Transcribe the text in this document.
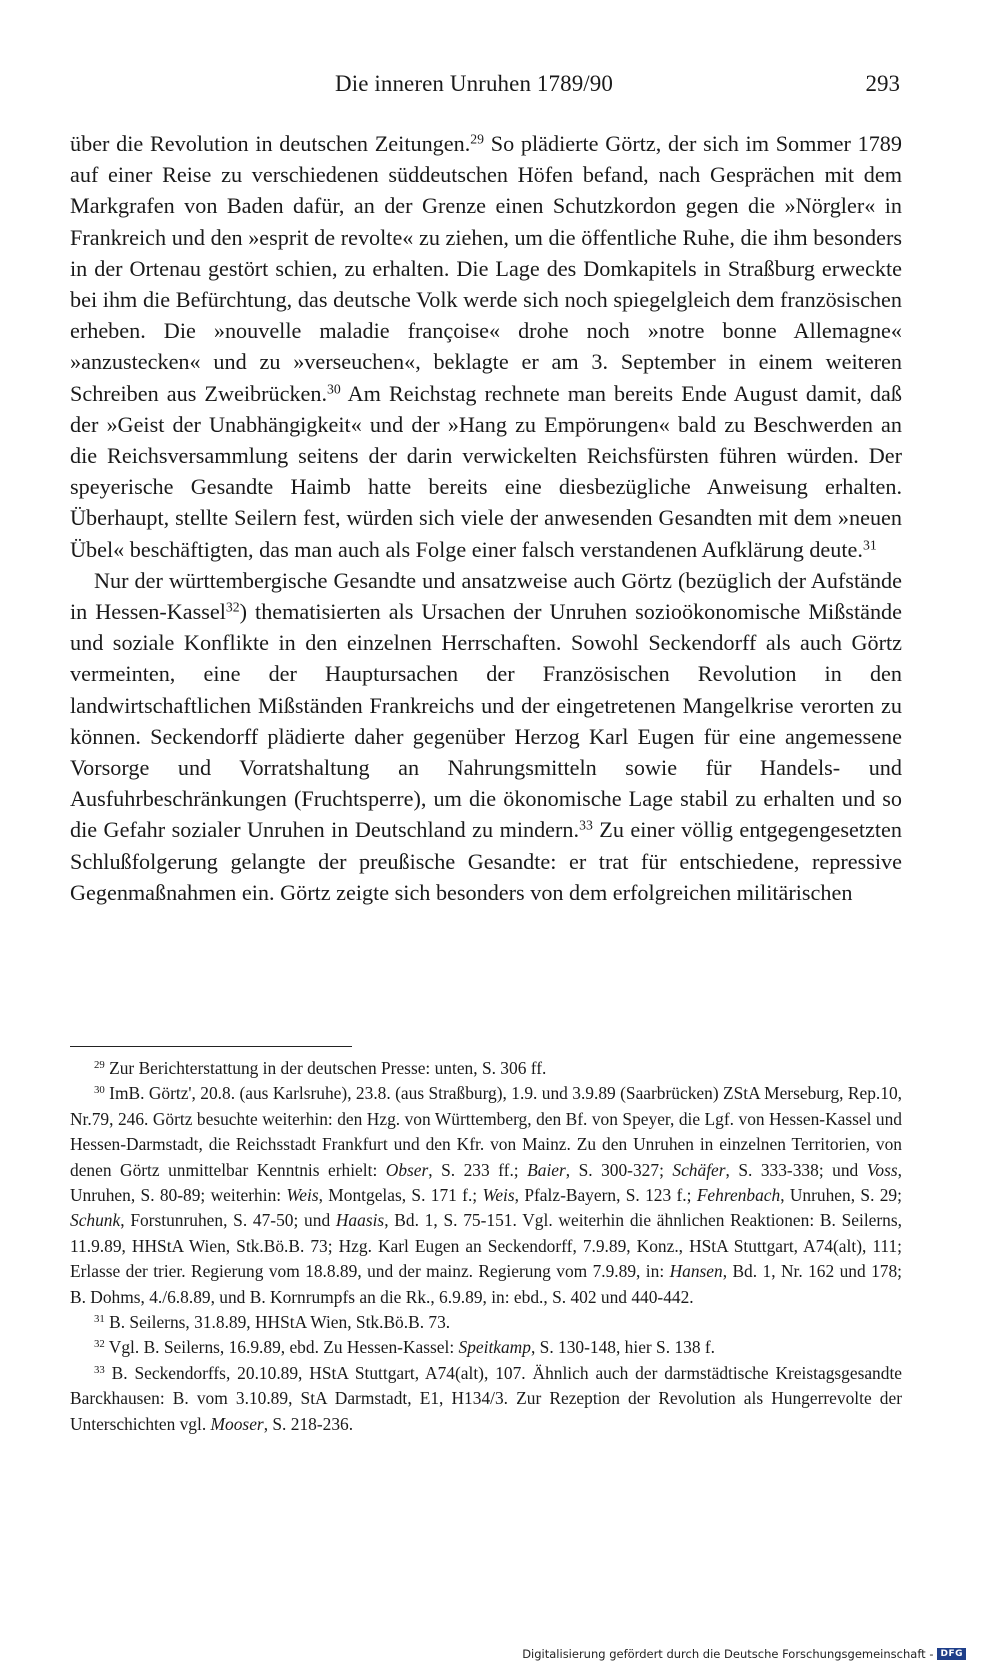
Die inneren Unruhen 1789/90	293

über die Revolution in deutschen Zeitungen.$^{29}$ So plädierte Görtz, der sich im Sommer 1789 auf einer Reise zu verschiedenen süddeutschen Höfen befand, nach Gesprächen mit dem Markgrafen von Baden dafür, an der Grenze einen Schutzkordon gegen die »Nörgler« in Frankreich und den »esprit de revolte« zu ziehen, um die öffentliche Ruhe, die ihm besonders in der Ortenau gestört schien, zu erhalten. Die Lage des Domkapitels in Straßburg erweckte bei ihm die Befürchtung, das deutsche Volk werde sich noch spiegelgleich dem französischen erheben. Die »nouvelle maladie françoise« drohe noch »notre bonne Allemagne« »anzustecken« und zu »verseuchen«, beklagte er am 3. September in einem weiteren Schreiben aus Zweibrücken.$^{30}$ Am Reichstag rechnete man bereits Ende August damit, daß der »Geist der Unabhängigkeit« und der »Hang zu Empörungen« bald zu Beschwerden an die Reichsversammlung seitens der darin verwickelten Reichsfürsten führen würden. Der speyerische Gesandte Haimb hatte bereits eine diesbezügliche Anweisung erhalten. Überhaupt, stellte Seilern fest, würden sich viele der anwesenden Gesandten mit dem »neuen Übel« beschäftigten, das man auch als Folge einer falsch verstandenen Aufklärung deute.$^{31}$

Nur der württembergische Gesandte und ansatzweise auch Görtz (bezüglich der Aufstände in Hessen-Kassel$^{32}$) thematisierten als Ursachen der Unruhen sozioökonomische Mißstände und soziale Konflikte in den einzelnen Herrschaften. Sowohl Seckendorff als auch Görtz vermeinten, eine der Hauptursachen der Französischen Revolution in den landwirtschaftlichen Mißständen Frankreichs und der eingetretenen Mangelkrise verorten zu können. Seckendorff plädierte daher gegenüber Herzog Karl Eugen für eine angemessene Vorsorge und Vorratshaltung an Nahrungsmitteln sowie für Handels- und Ausfuhrbeschränkungen (Fruchtsperre), um die ökonomische Lage stabil zu erhalten und so die Gefahr sozialer Unruhen in Deutschland zu mindern.$^{33}$ Zu einer völlig entgegengesetzten Schlußfolgerung gelangte der preußische Gesandte: er trat für entschiedene, repressive Gegenmaßnahmen ein. Görtz zeigte sich besonders von dem erfolgreichen militärischen

$^{29}$ Zur Berichterstattung in der deutschen Presse: unten, S. 306 ff.

$^{30}$ ImB. Görtz', 20.8. (aus Karlsruhe), 23.8. (aus Straßburg), 1.9. und 3.9.89 (Saarbrücken) ZStA Merseburg, Rep.10, Nr.79, 246. Görtz besuchte weiterhin: den Hzg. von Württemberg, den Bf. von Speyer, die Lgf. von Hessen-Kassel und Hessen-Darmstadt, die Reichsstadt Frankfurt und den Kfr. von Mainz. Zu den Unruhen in einzelnen Territorien, von denen Görtz unmittelbar Kenntnis erhielt: Obser, S. 233 ff.; Baier, S. 300-327; Schäfer, S. 333-338; und Voss, Unruhen, S. 80-89; weiterhin: Weis, Montgelas, S. 171 f.; Weis, Pfalz-Bayern, S. 123 f.; Fehrenbach, Unruhen, S. 29; Schunk, Forstunruhen, S. 47-50; und Haasis, Bd. 1, S. 75-151. Vgl. weiterhin die ähnlichen Reaktionen: B. Seilerns, 11.9.89, HHStA Wien, Stk.Bö.B. 73; Hzg. Karl Eugen an Seckendorff, 7.9.89, Konz., HStA Stuttgart, A74(alt), 111; Erlasse der trier. Regierung vom 18.8.89, und der mainz. Regierung vom 7.9.89, in: Hansen, Bd. 1, Nr. 162 und 178; B. Dohms, 4./6.8.89, und B. Kornrumpfs an die Rk., 6.9.89, in: ebd., S. 402 und 440-442.

$^{31}$ B. Seilerns, 31.8.89, HHStA Wien, Stk.Bö.B. 73.

$^{32}$ Vgl. B. Seilerns, 16.9.89, ebd. Zu Hessen-Kassel: Speitkamp, S. 130-148, hier S. 138 f.

$^{33}$ B. Seckendorffs, 20.10.89, HStA Stuttgart, A74(alt), 107. Ähnlich auch der darmstädtische Kreistagsgesandte Barckhausen: B. vom 3.10.89, StA Darmstadt, E1, H134/3. Zur Rezeption der Revolution als Hungerrevolte der Unterschichten vgl. Mooser, S. 218-236.

Digitalisierung gefördert durch die Deutsche Forschungsgemeinschaft - DFG
